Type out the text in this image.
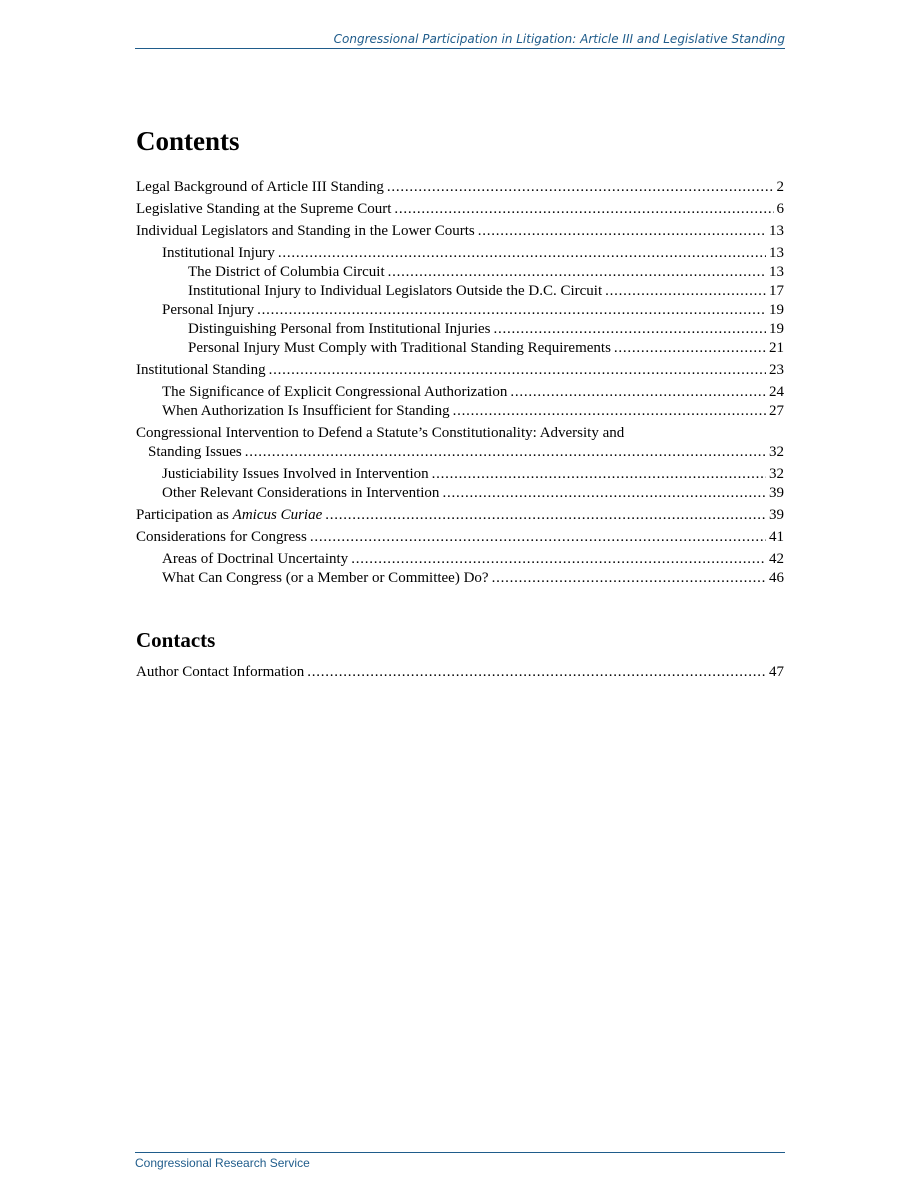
Congressional Participation in Litigation: Article III and Legislative Standing
Contents
Legal Background of Article III Standing . . .	2
Legislative Standing at the Supreme Court . . .	6
Individual Legislators and Standing in the Lower Courts . . .	13
Institutional Injury . . .	13
The District of Columbia Circuit . . .	13
Institutional Injury to Individual Legislators Outside the D.C. Circuit . . .	17
Personal Injury . . .	19
Distinguishing Personal from Institutional Injuries . . .	19
Personal Injury Must Comply with Traditional Standing Requirements . . .	21
Institutional Standing . . .	23
The Significance of Explicit Congressional Authorization . . .	24
When Authorization Is Insufficient for Standing . . .	27
Congressional Intervention to Defend a Statute’s Constitutionality: Adversity and
Standing Issues . . .	32
Justiciability Issues Involved in Intervention . . .	32
Other Relevant Considerations in Intervention . . .	39
Participation as Amicus Curiae . . .	39
Considerations for Congress . . .	41
Areas of Doctrinal Uncertainty . . .	42
What Can Congress (or a Member or Committee) Do? . . .	46
Contacts
Author Contact Information . . .	47
Congressional Research Service
